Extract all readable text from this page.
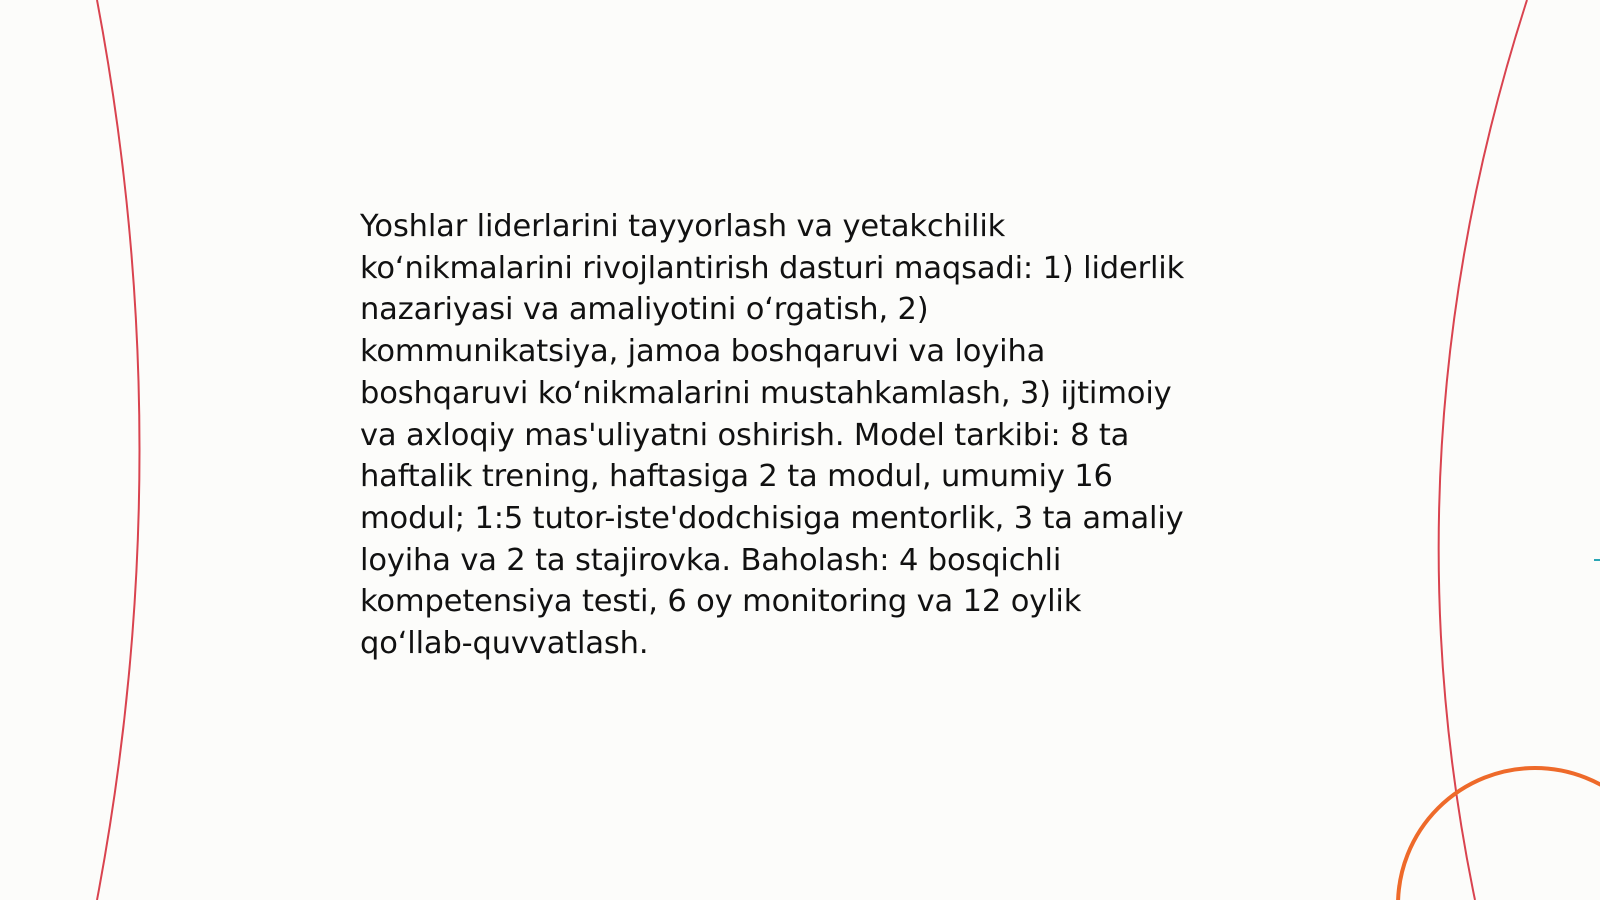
Yoshlar liderlarini tayyorlash va yetakchilik
ko‘nikmalarini rivojlantirish dasturi maqsadi: 1) liderlik
nazariyasi va amaliyotini o‘rgatish, 2)
kommunikatsiya, jamoa boshqaruvi va loyiha
boshqaruvi ko‘nikmalarini mustahkamlash, 3) ijtimoiy
va axloqiy mas'uliyatni oshirish. Model tarkibi: 8 ta
haftalik trening, haftasiga 2 ta modul, umumiy 16
modul; 1:5 tutor-iste'dodchisiga mentorlik, 3 ta amaliy
loyiha va 2 ta stajirovka. Baholash: 4 bosqichli
kompetensiya testi, 6 oy monitoring va 12 oylik
qo‘llab-quvvatlash.
